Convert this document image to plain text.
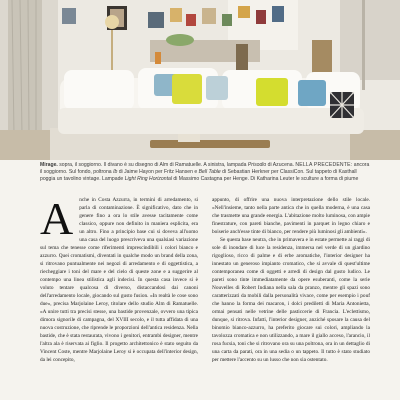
Mirage. sopra, il soggiorno. Il divano è su disegno di Alm di Ramatuelle. A sinistra, lampada Prisodio di Azucena. NELLA PRECEDENTE: ancora il soggiorno. Sul fondo, poltrona Ib di Jaime Hayon per Fritz Hansen e Bell Table di Sebastian Herkner per ClassiCon. Sul tappeto di Kasthall poggia un tavolino vintage. Lampade Light Ring Horizontal di Massimo Castagna per Henge. Di Katharina Leuter le sculture a forma di piume

A	nche in Costa Azzurra, in termini di arredamento, si parla di contaminazione. È significativo, dato che in genere fino a ora lo stile avesse tacitamente come classico, oppure non definito in maniera esplicita, era un altro. Fino a principio base cui si doveva all'uomo una casa del luogo prescriveva una qualsiasi variazione sul tema che tenesse come riferimenti imprescindibili i colori bianco e azzurro. Quei cromatismi, diventati in qualche modo un brand della zona, si ritrovano puntualmente nei negozi di arredamento e di oggettistica, a riecheggiare i toni del mare e del cielo di queste zone e a suggerire al contempo una linea stilistica agli indecisi. In questa casa invece si è voluto tentare qualcosa di diverso, distaccandosi dai canoni dell'arredamento locale, giocando sul gusto fusion. «In realtà le cose sono due», precisa Marjolaine Leroy, titolare dello studio Alm di Ramatuelle. «A unire tutti tra precisi stesse, una bastide provenzale, ovvero una tipica dimora signorile di campagna, del XVIII secolo, e il tutta affidata di una nuova costruzione, che riprende le proporzioni dell'antica residenza. Nella bastide, che è stata restaurata, vivono i genitori, entrambi designer, mentre l'altra ala è riservata ai figlio. Il progetto architettonico è stato seguito da Vincent Coste, mentre Marjolaine Leroy si è occupata dell'interior design, da lei concepito,

appunto, di offrire una nuova interpretazione dello stile locale. «Nell'insieme, tanto nella parte antica che in quella moderna, è una casa che trasmette una grande energia. L'abitazione molto luminosa, con ampie finestrature, con pareti bianche, pavimenti in parquet in legno chiaro e boiserie anch'esse tinte di bianco, per rendere più luminosi gli ambienti».

Se questa base neutra, che in primavera e in estate permette ai raggi di sole di inondare di luce la residenza, immersa nel verde di un giardino rigoglioso, ricco di palme e di erbe aromatiche, l'interior designer ha innestato un generoso impianto cromatico, che si avvale di quest'ultime contemporanea come di oggetti e arredi di design dal gusto ludico. Le pareti sono tinte immediatamente da opere esuberanti, come la serie Nouvelles di Robert Indiana nella sala da pranzo, mentre gli spazi sono caratterizzati da mobili dalla personalità vivace, come per esempio i pouf che hanno la forma dei macaron, i dolci prediletti di Maria Antonietta, ormai pensati nelle vetrine delle pasticcerie di Francia. L'eclettismo, dunque, si ritrova. Infatti, l'interior designer, anziché sposare la causa del binomio bianco-azzurro, ha preferito giocare sui colori, ampliando la tavolozza cromatica e non utilizzando, a mare il giallo acceso, l'arancio, il rosa fucsia, toni che si ritrovano ora su una poltrona, ora in un dettaglio di una carta da parati, ora in una sedia o un tappeto. Il tutto è stato studiato per mettere l'accento su un lusso che non sia ostentato.
